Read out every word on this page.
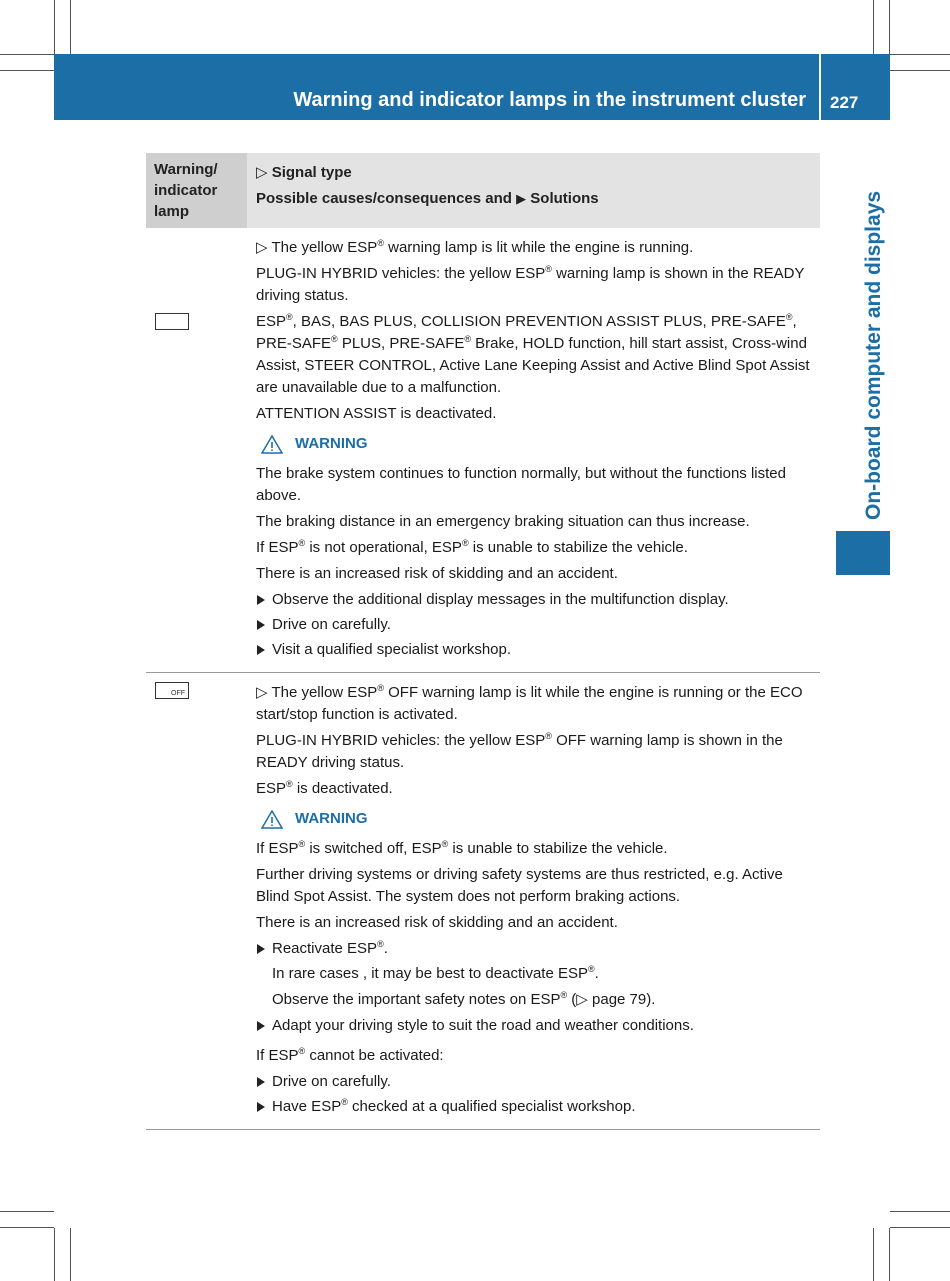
Warning and indicator lamps in the instrument cluster 227
On-board computer and displays
Warning/
indicator
lamp
▷ Signal type
Possible causes/consequences and ▶ Solutions

▷ The yellow ESP® warning lamp is lit while the engine is running.

PLUG-IN HYBRID vehicles: the yellow ESP® warning lamp is shown in the READY driving status.

ESP®, BAS, BAS PLUS, COLLISION PREVENTION ASSIST PLUS, PRE-SAFE®, PRE-SAFE® PLUS, PRE-SAFE® Brake, HOLD function, hill start assist, Cross-wind Assist, STEER CONTROL, Active Lane Keeping Assist and Active Blind Spot Assist are unavailable due to a malfunction.

ATTENTION ASSIST is deactivated.

WARNING

The brake system continues to function normally, but without the functions listed above.

The braking distance in an emergency braking situation can thus increase.

If ESP® is not operational, ESP® is unable to stabilize the vehicle.

There is an increased risk of skidding and an accident.

Observe the additional display messages in the multifunction display.
Drive on carefully.
Visit a qualified specialist workshop.
OFF	▷ The yellow ESP® OFF warning lamp is lit while the engine is running or the ECO start/stop function is activated.

PLUG-IN HYBRID vehicles: the yellow ESP® OFF warning lamp is shown in the READY driving status.

ESP® is deactivated.

WARNING

If ESP® is switched off, ESP® is unable to stabilize the vehicle.

Further driving systems or driving safety systems are thus restricted, e.g. Active Blind Spot Assist. The system does not perform braking actions.

There is an increased risk of skidding and an accident.

Reactivate ESP®.

In rare cases , it may be best to deactivate ESP®.

Observe the important safety notes on ESP® (▷ page 79).

Adapt your driving style to suit the road and weather conditions.

If ESP® cannot be activated:

Drive on carefully.
Have ESP® checked at a qualified specialist workshop.
